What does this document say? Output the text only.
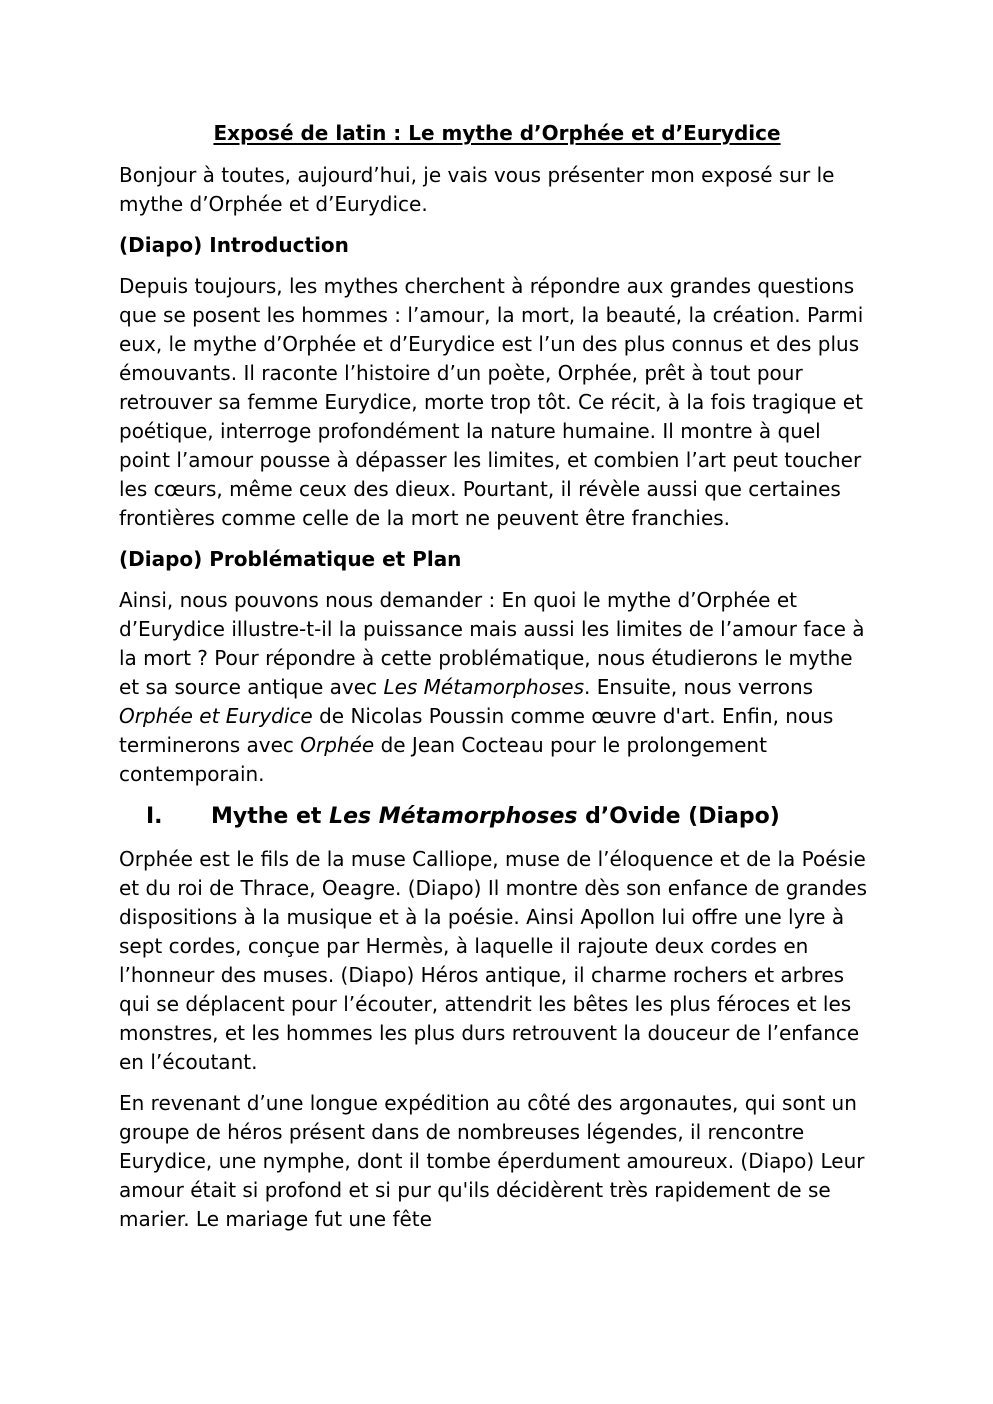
Exposé de latin : Le mythe d’Orphée et d’Eurydice

Bonjour à toutes, aujourd’hui, je vais vous présenter mon exposé sur le mythe d’Orphée et d’Eurydice.

(Diapo) Introduction

Depuis toujours, les mythes cherchent à répondre aux grandes questions que se posent les hommes : l’amour, la mort, la beauté, la création. Parmi eux, le mythe d’Orphée et d’Eurydice est l’un des plus connus et des plus émouvants. Il raconte l’histoire d’un poète, Orphée, prêt à tout pour retrouver sa femme Eurydice, morte trop tôt. Ce récit, à la fois tragique et poétique, interroge profondément la nature humaine. Il montre à quel point l’amour pousse à dépasser les limites, et combien l’art peut toucher les cœurs, même ceux des dieux. Pourtant, il révèle aussi que certaines frontières comme celle de la mort ne peuvent être franchies.

(Diapo) Problématique et Plan

Ainsi, nous pouvons nous demander : En quoi le mythe d’Orphée et d’Eurydice illustre-t-il la puissance mais aussi les limites de l’amour face à la mort ? Pour répondre à cette problématique, nous étudierons le mythe et sa source antique avec Les Métamorphoses. Ensuite, nous verrons Orphée et Eurydice de Nicolas Poussin comme œuvre d'art. Enfin, nous terminerons avec Orphée de Jean Cocteau pour le prolongement contemporain.

I. Mythe et Les Métamorphoses d’Ovide (Diapo)

Orphée est le fils de la muse Calliope, muse de l’éloquence et de la Poésie et du roi de Thrace, Oeagre. (Diapo) Il montre dès son enfance de grandes dispositions à la musique et à la poésie. Ainsi Apollon lui offre une lyre à sept cordes, conçue par Hermès, à laquelle il rajoute deux cordes en l’honneur des muses. (Diapo) Héros antique, il charme rochers et arbres qui se déplacent pour l’écouter, attendrit les bêtes les plus féroces et les monstres, et les hommes les plus durs retrouvent la douceur de l’enfance en l’écoutant.

En revenant d’une longue expédition au côté des argonautes, qui sont un groupe de héros présent dans de nombreuses légendes, il rencontre Eurydice, une nymphe, dont il tombe éperdument amoureux. (Diapo) Leur amour était si profond et si pur qu'ils décidèrent très rapidement de se marier. Le mariage fut une fête
